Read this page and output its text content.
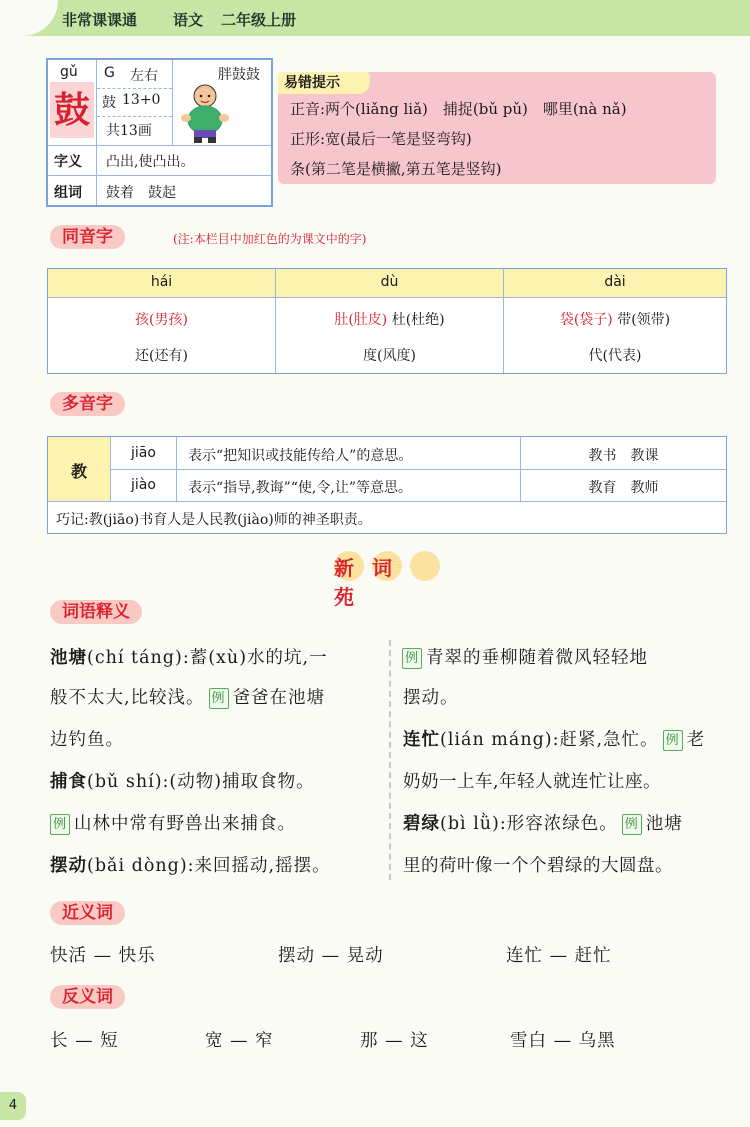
非常课课通 语文 二年级上册
gǔ
鼓
G 左右
鼓 13+0
共13画
胖鼓鼓
字义 凸出,使凸出。
组词 鼓着　鼓起
正音:两个(liǎng liǎ)　捕捉(bǔ pǔ)　哪里(nà nǎ)
正形:宽(最后一笔是竖弯钩)
条(第二笔是横撇,第五笔是竖钩)
易错提示
同音字	(注:本栏目中加红色的为课文中的字)
hái	dù	dài
孩(男孩)	肚(肚皮) 杜(杜绝)	袋(袋子) 带(领带)
还(还有)	度(风度)	代(代表)
多音字
教
jiāo	表示“把知识或技能传给人”的意思。	教书　教课
jiào	表示“指导,教诲”“使,令,让”等意思。	教育　教师
巧记:教(jiāo)书育人是人民教(jiào)师的神圣职责。
新词苑
词语释义
池塘(chí táng):蓄(xù)水的坑,一
般不太大,比较浅。 例 爸爸在池塘
边钓鱼。
捕食(bǔ shí):(动物)捕取食物。
例 山林中常有野兽出来捕食。
摆动(bǎi dòng):来回摇动,摇摆。
例 青翠的垂柳随着微风轻轻地
摆动。
连忙(lián máng):赶紧,急忙。 例 老
奶奶一上车,年轻人就连忙让座。
碧绿(bì lǜ):形容浓绿色。 例 池塘
里的荷叶像一个个碧绿的大圆盘。
近义词
快活 — 快乐	摆动 — 晃动	连忙 — 赶忙
反义词
长 — 短	宽 — 窄	那 — 这	雪白 — 乌黑
4
